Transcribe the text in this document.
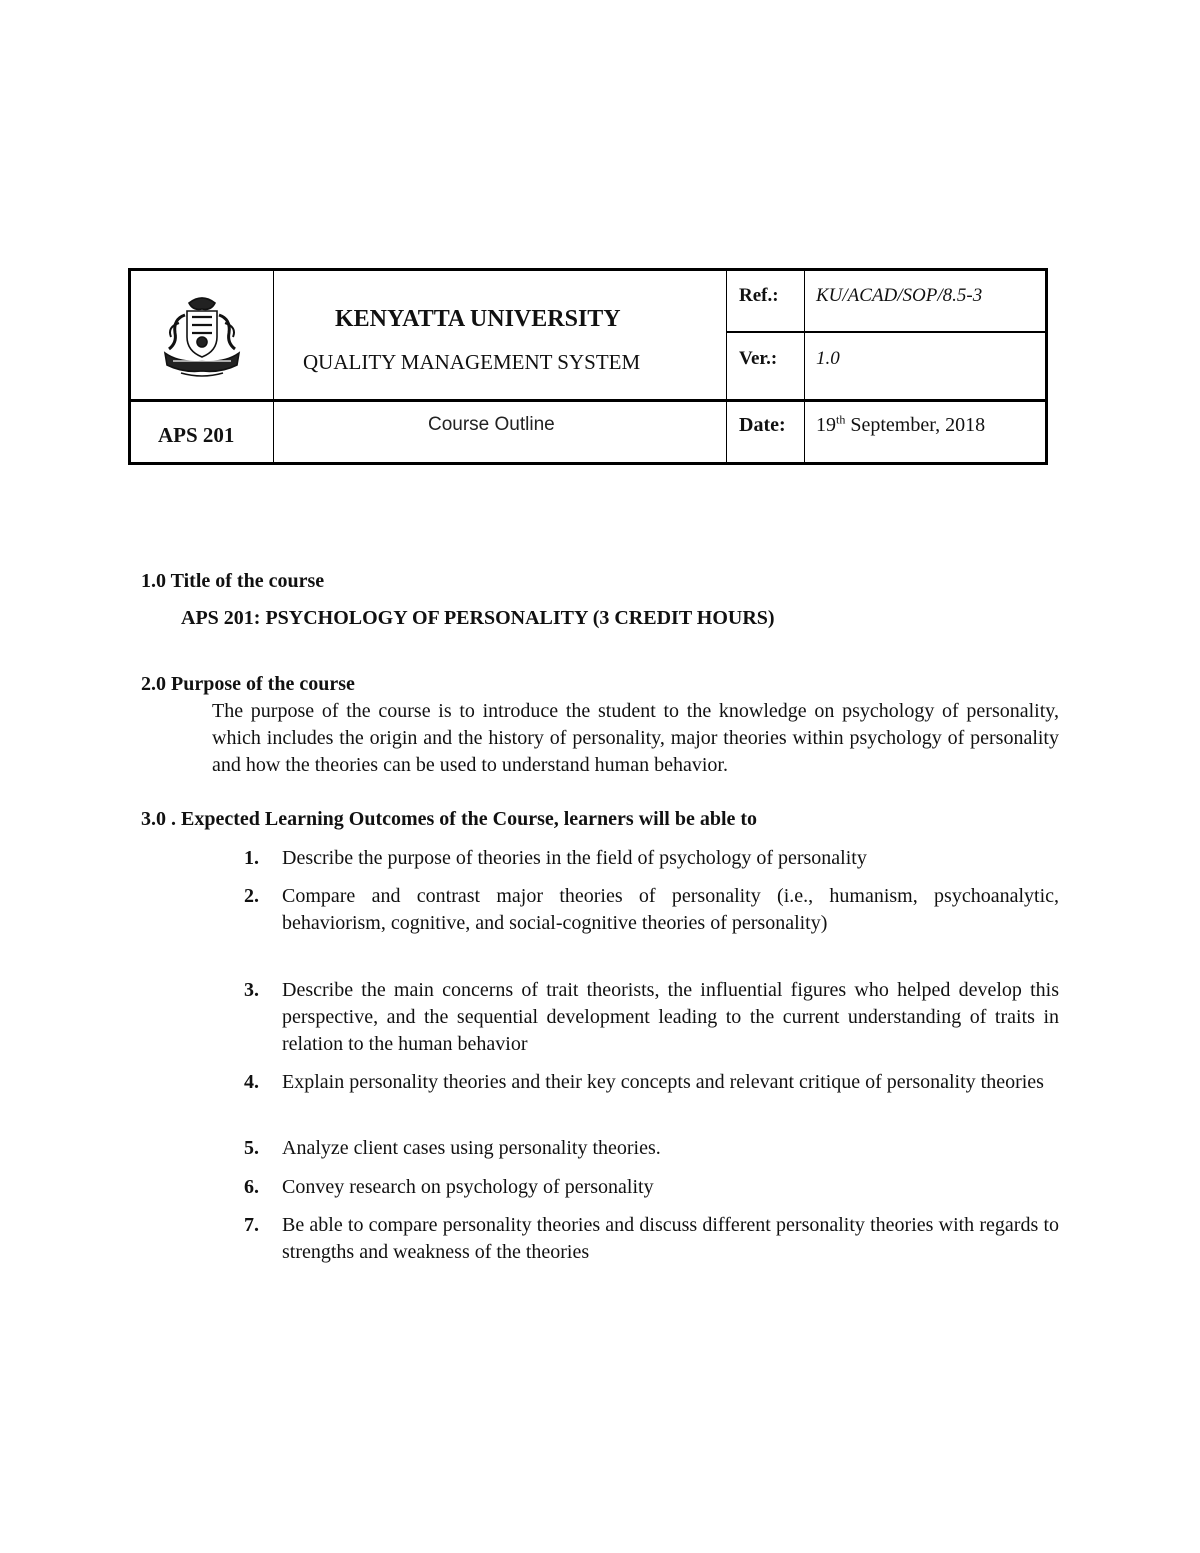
KENYATTA UNIVERSITY
QUALITY MANAGEMENT SYSTEM
Ref.: KU/ACAD/SOP/8.5-3
Ver.: 1.0
APS 201	Course Outline	Date: 19th September, 2018
1.0 Title of the course
APS 201: PSYCHOLOGY OF PERSONALITY (3 CREDIT HOURS)
2.0 Purpose of the course
The purpose of the course is to introduce the student to the knowledge on psychology of personality, which includes the origin and the history of personality, major theories within psychology of personality and how the theories can be used to understand human behavior.
3.0 . Expected Learning Outcomes of the Course, learners will be able to
1. Describe the purpose of theories in the field of psychology of personality
2. Compare and contrast major theories of personality (i.e., humanism, psychoanalytic, behaviorism, cognitive, and social-cognitive theories of personality)
3. Describe the main concerns of trait theorists, the influential figures who helped develop this perspective, and the sequential development leading to the current understanding of traits in relation to the human behavior
4. Explain personality theories and their key concepts and relevant critique of personality theories
5. Analyze client cases using personality theories.
6. Convey research on psychology of personality
7. Be able to compare personality theories and discuss different personality theories with regards to strengths and weakness of the theories
